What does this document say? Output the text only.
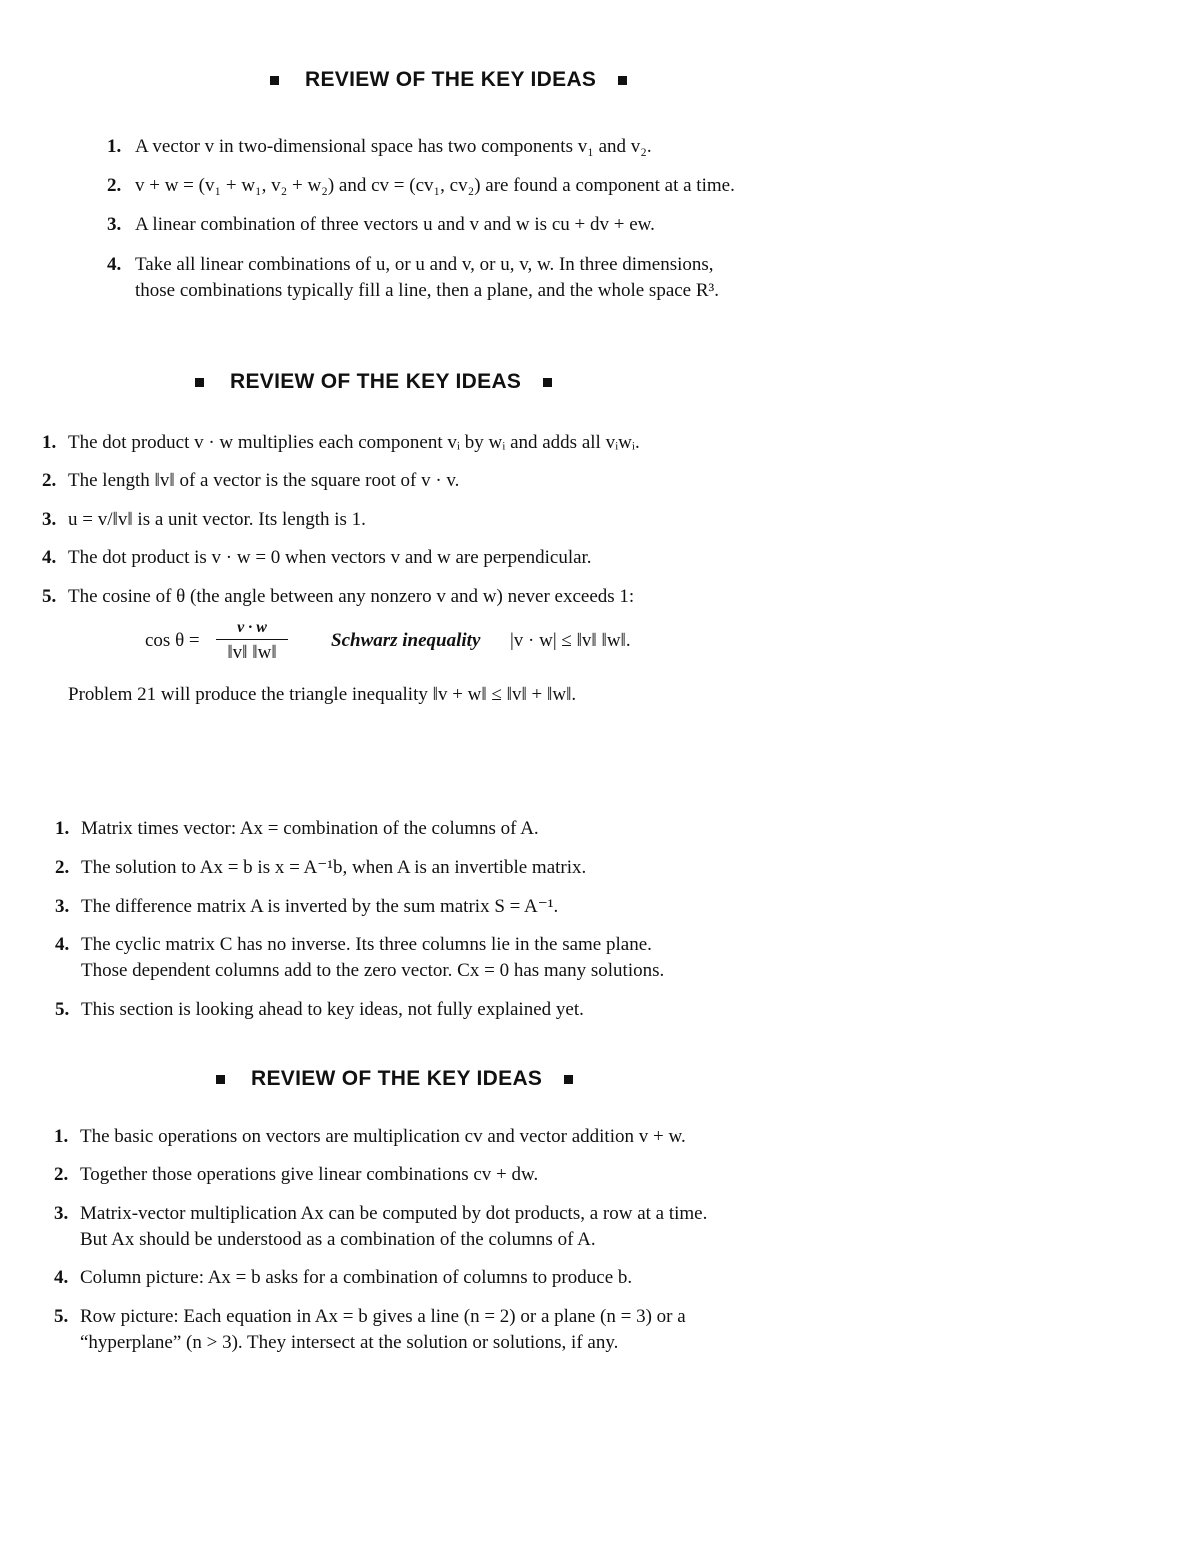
REVIEW OF THE KEY IDEAS
1. A vector v in two-dimensional space has two components v₁ and v₂.
2. v + w = (v₁ + w₁, v₂ + w₂) and cv = (cv₁, cv₂) are found a component at a time.
3. A linear combination of three vectors u and v and w is cu + dv + ew.
4. Take all linear combinations of u, or u and v, or u, v, w. In three dimensions,
those combinations typically fill a line, then a plane, and the whole space R³.
REVIEW OF THE KEY IDEAS
1. The dot product v · w multiplies each component vᵢ by wᵢ and adds all vᵢwᵢ.
2. The length ‖v‖ of a vector is the square root of v · v.
3. u = v/‖v‖ is a unit vector. Its length is 1.
4. The dot product is v · w = 0 when vectors v and w are perpendicular.
5. The cosine of θ (the angle between any nonzero v and w) never exceeds 1:
cos θ =
v · w
‖v‖ ‖w‖
Schwarz inequality |v · w| ≤ ‖v‖ ‖w‖.
Problem 21 will produce the triangle inequality ‖v + w‖ ≤ ‖v‖ + ‖w‖.
1. Matrix times vector: Ax = combination of the columns of A.
2. The solution to Ax = b is x = A⁻¹b, when A is an invertible matrix.
3. The difference matrix A is inverted by the sum matrix S = A⁻¹.
4. The cyclic matrix C has no inverse. Its three columns lie in the same plane.
Those dependent columns add to the zero vector. Cx = 0 has many solutions.
5. This section is looking ahead to key ideas, not fully explained yet.
REVIEW OF THE KEY IDEAS
1. The basic operations on vectors are multiplication cv and vector addition v + w.
2. Together those operations give linear combinations cv + dw.
3. Matrix-vector multiplication Ax can be computed by dot products, a row at a time.
But Ax should be understood as a combination of the columns of A.
4. Column picture: Ax = b asks for a combination of columns to produce b.
5. Row picture: Each equation in Ax = b gives a line (n = 2) or a plane (n = 3) or a
“hyperplane” (n > 3). They intersect at the solution or solutions, if any.
